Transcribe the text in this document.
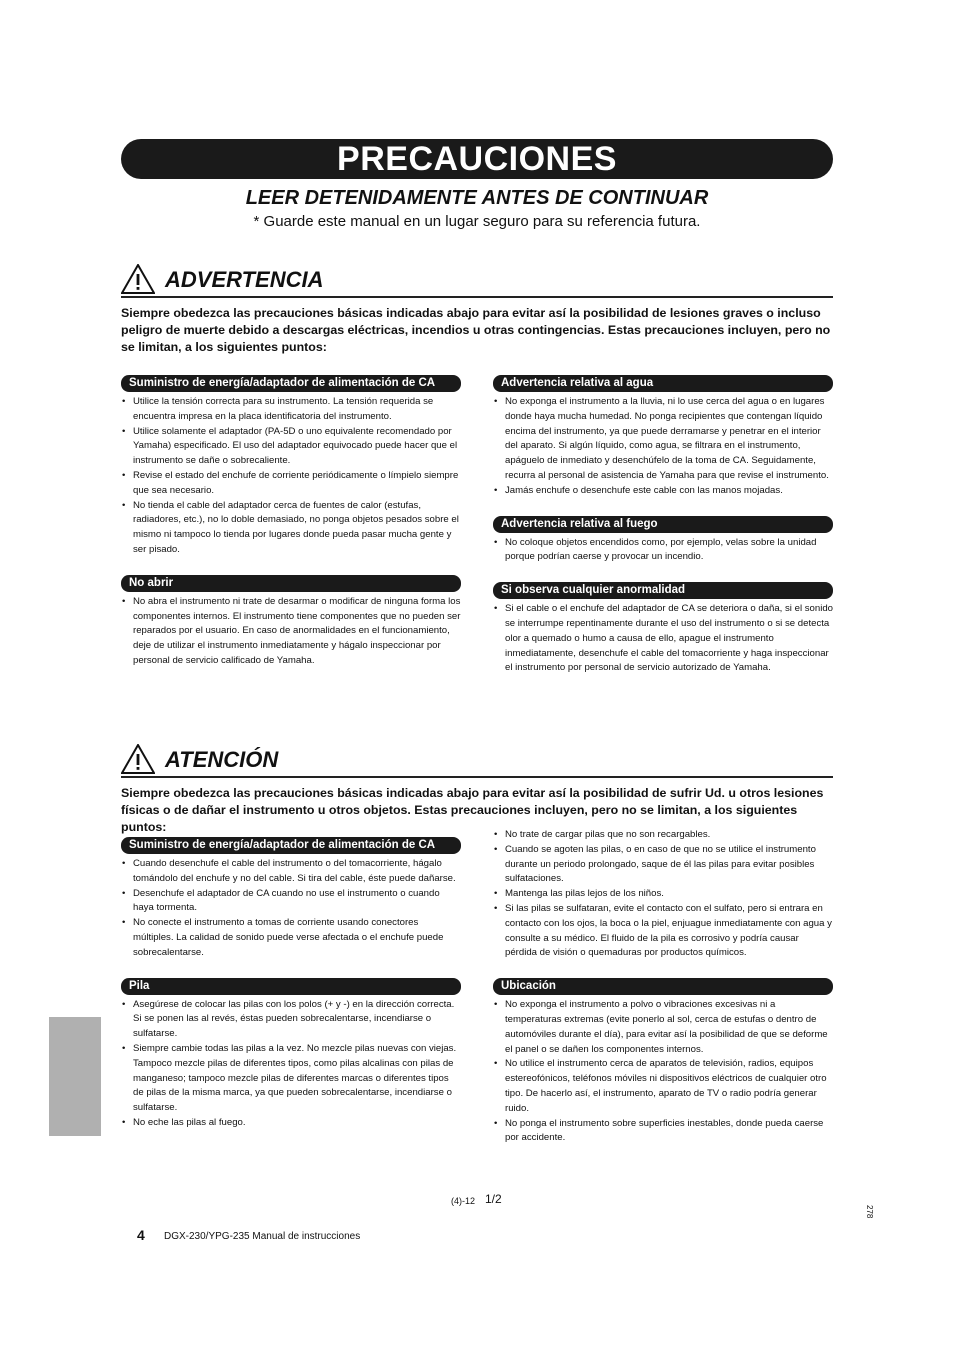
PRECAUCIONES
LEER DETENIDAMENTE ANTES DE CONTINUAR
* Guarde este manual en un lugar seguro para su referencia futura.
ADVERTENCIA
Siempre obedezca las precauciones básicas indicadas abajo para evitar así la posibilidad de lesiones graves o incluso peligro de muerte debido a descargas eléctricas, incendios u otras contingencias. Estas precauciones incluyen, pero no se limitan, a los siguientes puntos:
Suministro de energía/adaptador de alimentación de CA
• Utilice la tensión correcta para su instrumento. La tensión requerida se encuentra impresa en la placa identificatoria del instrumento.
• Utilice solamente el adaptador (PA-5D o uno equivalente recomendado por Yamaha) especificado. El uso del adaptador equivocado puede hacer que el instrumento se dañe o sobrecaliente.
• Revise el estado del enchufe de corriente periódicamente o límpielo siempre que sea necesario.
• No tienda el cable del adaptador cerca de fuentes de calor (estufas, radiadores, etc.), no lo doble demasiado, no ponga objetos pesados sobre el mismo ni tampoco lo tienda por lugares donde pueda pasar mucha gente y ser pisado.
No abrir
• No abra el instrumento ni trate de desarmar o modificar de ninguna forma los componentes internos. El instrumento tiene componentes que no pueden ser reparados por el usuario. En caso de anormalidades en el funcionamiento, deje de utilizar el instrumento inmediatamente y hágalo inspeccionar por personal de servicio calificado de Yamaha.
Advertencia relativa al agua
• No exponga el instrumento a la lluvia, ni lo use cerca del agua o en lugares donde haya mucha humedad. No ponga recipientes que contengan líquido encima del instrumento, ya que puede derramarse y penetrar en el interior del aparato. Si algún líquido, como agua, se filtrara en el instrumento, apáguelo de inmediato y desenchúfelo de la toma de CA. Seguidamente, recurra al personal de asistencia de Yamaha para que revise el instrumento.
• Jamás enchufe o desenchufe este cable con las manos mojadas.
Advertencia relativa al fuego
• No coloque objetos encendidos como, por ejemplo, velas sobre la unidad porque podrían caerse y provocar un incendio.
Si observa cualquier anormalidad
• Si el cable o el enchufe del adaptador de CA se deteriora o daña, si el sonido se interrumpe repentinamente durante el uso del instrumento o si se detecta olor a quemado o humo a causa de ello, apague el instrumento inmediatamente, desenchufe el cable del tomacorriente y haga inspeccionar el instrumento por personal de servicio autorizado de Yamaha.
ATENCIÓN
Siempre obedezca las precauciones básicas indicadas abajo para evitar así la posibilidad de sufrir Ud. u otros lesiones físicas o de dañar el instrumento u otros objetos. Estas precauciones incluyen, pero no se limitan, a los siguientes puntos:
Suministro de energía/adaptador de alimentación de CA
• Cuando desenchufe el cable del instrumento o del tomacorriente, hágalo tomándolo del enchufe y no del cable. Si tira del cable, éste puede dañarse.
• Desenchufe el adaptador de CA cuando no use el instrumento o cuando haya tormenta.
• No conecte el instrumento a tomas de corriente usando conectores múltiples. La calidad de sonido puede verse afectada o el enchufe puede sobrecalentarse.
Pila
• Asegúrese de colocar las pilas con los polos (+ y -) en la dirección correcta. Si se ponen las al revés, éstas pueden sobrecalentarse, incendiarse o sulfatarse.
• Siempre cambie todas las pilas a la vez. No mezcle pilas nuevas con viejas. Tampoco mezcle pilas de diferentes tipos, como pilas alcalinas con pilas de manganeso; tampoco mezcle pilas de diferentes marcas o diferentes tipos de pilas de la misma marca, ya que pueden sobrecalentarse, incendiarse o sulfatarse.
• No eche las pilas al fuego.
• No trate de cargar pilas que no son recargables.
• Cuando se agoten las pilas, o en caso de que no se utilice el instrumento durante un periodo prolongado, saque de él las pilas para evitar posibles sulfataciones.
• Mantenga las pilas lejos de los niños.
• Si las pilas se sulfataran, evite el contacto con el sulfato, pero si entrara en contacto con los ojos, la boca o la piel, enjuague inmediatamente con agua y consulte a su médico. El fluido de la pila es corrosivo y podría causar pérdida de visión o quemaduras por productos químicos.
Ubicación
• No exponga el instrumento a polvo o vibraciones excesivas ni a temperaturas extremas (evite ponerlo al sol, cerca de estufas o dentro de automóviles durante el día), para evitar así la posibilidad de que se deforme el panel o se dañen los componentes internos.
• No utilice el instrumento cerca de aparatos de televisión, radios, equipos estereofónicos, teléfonos móviles ni dispositivos eléctricos de cualquier otro tipo. De hacerlo así, el instrumento, aparato de TV o radio podría generar ruido.
• No ponga el instrumento sobre superficies inestables, donde pueda caerse por accidente.
(4)-12 1/2
278
4 DGX-230/YPG-235 Manual de instrucciones
